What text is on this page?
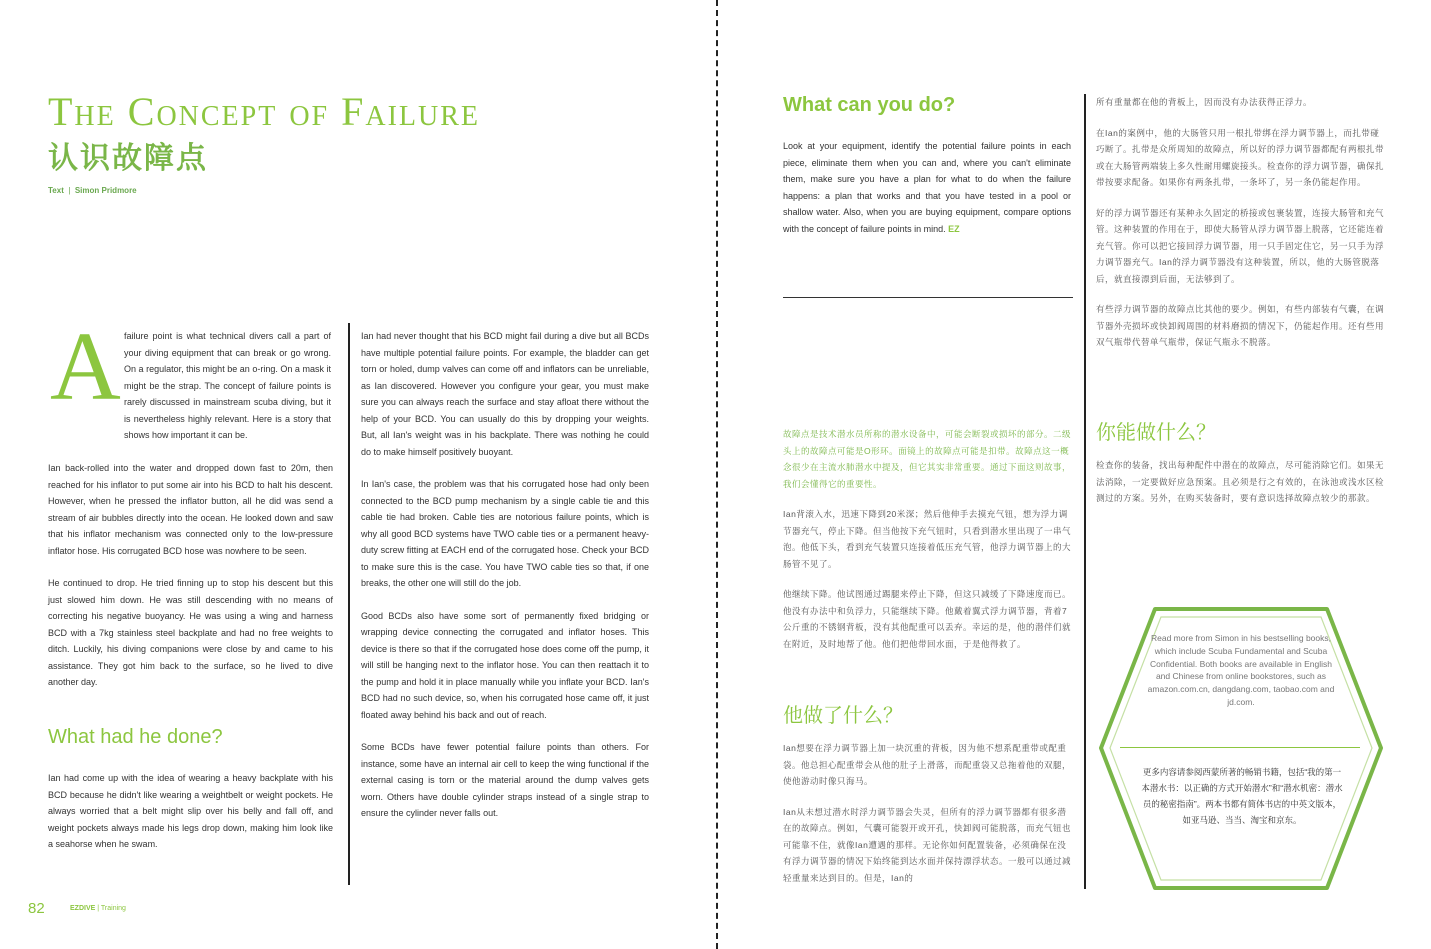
The Concept of Failure
认识故障点
Text | Simon Pridmore
A failure point is what technical divers call a part of your diving equipment that can break or go wrong. On a regulator, this might be an o-ring. On a mask it might be the strap. The concept of failure points is rarely discussed in mainstream scuba diving, but it is nevertheless highly relevant. Here is a story that shows how important it can be.

Ian back-rolled into the water and dropped down fast to 20m, then reached for his inflator to put some air into his BCD to halt his descent. However, when he pressed the inflator button, all he did was send a stream of air bubbles directly into the ocean. He looked down and saw that his inflator mechanism was connected only to the low-pressure inflator hose. His corrugated BCD hose was nowhere to be seen.

He continued to drop. He tried finning up to stop his descent but this just slowed him down. He was still descending with no means of correcting his negative buoyancy. He was using a wing and harness BCD with a 7kg stainless steel backplate and had no free weights to ditch. Luckily, his diving companions were close by and came to his assistance. They got him back to the surface, so he lived to dive another day.

What had he done?

Ian had come up with the idea of wearing a heavy backplate with his BCD because he didn't like wearing a weightbelt or weight pockets. He always worried that a belt might slip over his belly and fall off, and weight pockets always made his legs drop down, making him look like a seahorse when he swam.

Ian had never thought that his BCD might fail during a dive but all BCDs have multiple potential failure points. For example, the bladder can get torn or holed, dump valves can come off and inflators can be unreliable, as Ian discovered. However you configure your gear, you must make sure you can always reach the surface and stay afloat there without the help of your BCD. You can usually do this by dropping your weights. But, all Ian's weight was in his backplate. There was nothing he could do to make himself positively buoyant.

In Ian's case, the problem was that his corrugated hose had only been connected to the BCD pump mechanism by a single cable tie and this cable tie had broken. Cable ties are notorious failure points, which is why all good BCD systems have TWO cable ties or a permanent heavy-duty screw fitting at EACH end of the corrugated hose. Check your BCD to make sure this is the case. You have TWO cable ties so that, if one breaks, the other one will still do the job.

Good BCDs also have some sort of permanently fixed bridging or wrapping device connecting the corrugated and inflator hoses. This device is there so that if the corrugated hose does come off the pump, it will still be hanging next to the inflator hose. You can then reattach it to the pump and hold it in place manually while you inflate your BCD. Ian's BCD had no such device, so, when his corrugated hose came off, it just floated away behind his back and out of reach.

Some BCDs have fewer potential failure points than others. For instance, some have an internal air cell to keep the wing functional if the external casing is torn or the material around the dump valves gets worn. Others have double cylinder straps instead of a single strap to ensure the cylinder never falls out.

82	EZDIVE | Training
What can you do?

Look at your equipment, identify the potential failure points in each piece, eliminate them when you can and, where you can't eliminate them, make sure you have a plan for what to do when the failure happens: a plan that works and that you have tested in a pool or shallow water. Also, when you are buying equipment, compare options with the concept of failure points in mind. EZ

故障点是技术潜水员所称的潜水设备中，可能会断裂或损坏的部分。二级头上的故障点可能是O形环。面镜上的故障点可能是扣带。故障点这一概念很少在主流水肺潜水中提及，但它其实非常重要。通过下面这则故事，我们会懂得它的重要性。

Ian背滚入水，迅速下降到20米深；然后他伸手去摸充气钮，想为浮力调节器充气，停止下降。但当他按下充气钮时，只看到潜水里出现了一串气泡。他低下头，看到充气装置只连接着低压充气管，他浮力调节器上的大肠管不见了。

他继续下降。他试图通过踢腿来停止下降，但这只减缓了下降速度而已。他没有办法中和负浮力，只能继续下降。他戴着翼式浮力调节器，背着7公斤重的不锈钢背板，没有其他配重可以丢弃。幸运的是，他的潜伴们就在附近，及时地帮了他。他们把他带回水面，于是他得救了。

他做了什么？

Ian想要在浮力调节器上加一块沉重的背板，因为他不想系配重带或配重袋。他总担心配重带会从他的肚子上滑落，而配重袋又总拖着他的双腿，使他游动时像只海马。

Ian从未想过潜水时浮力调节器会失灵，但所有的浮力调节器都有很多潜在的故障点。例如，气囊可能裂开或开孔，快卸阀可能脱落，而充气钮也可能靠不住，就像Ian遭遇的那样。无论你如何配置装备，必须确保在没有浮力调节器的情况下始终能到达水面并保持漂浮状态。一般可以通过减轻重量来达到目的。但是，Ian的

所有重量都在他的背板上，因而没有办法获得正浮力。

在Ian的案例中，他的大肠管只用一根扎带绑在浮力调节器上，而扎带碰巧断了。扎带是众所周知的故障点，所以好的浮力调节器都配有两根扎带或在大肠管两端装上多久性耐用螺旋接头。检查你的浮力调节器，确保扎带按要求配备。如果你有两条扎带，一条坏了，另一条仍能起作用。

好的浮力调节器还有某种永久固定的桥接或包裹装置，连接大肠管和充气管。这种装置的作用在于，即使大肠管从浮力调节器上脱落，它还能连着充气管。你可以把它接回浮力调节器，用一只手固定住它，另一只手为浮力调节器充气。Ian的浮力调节器没有这种装置，所以，他的大肠管脱落后，就直接漂到后面，无法够到了。

有些浮力调节器的故障点比其他的要少。例如，有些内部装有气囊，在调节器外壳损坏或快卸阀周围的材料磨损的情况下，仍能起作用。还有些用双气瓶带代替单气瓶带，保证气瓶永不脱落。

你能做什么？

检查你的装备，找出每种配件中潜在的故障点，尽可能消除它们。如果无法消除，一定要做好应急预案。且必须是行之有效的，在泳池或浅水区检测过的方案。另外，在购买装备时，要有意识选择故障点较少的那款。

Read more from Simon in his bestselling books, which include Scuba Fundamental and Scuba Confidential. Both books are available in English and Chinese from online bookstores, such as amazon.com.cn, dangdang.com, taobao.com and jd.com.
更多内容请参阅西蒙所著的畅销书籍，包括“我的第一本潜水书：以正确的方式开始潜水”和“潜水机密：潜水员的秘密指南”。两本书都有简体书店的中英文版本，如亚马逊、当当、淘宝和京东。
